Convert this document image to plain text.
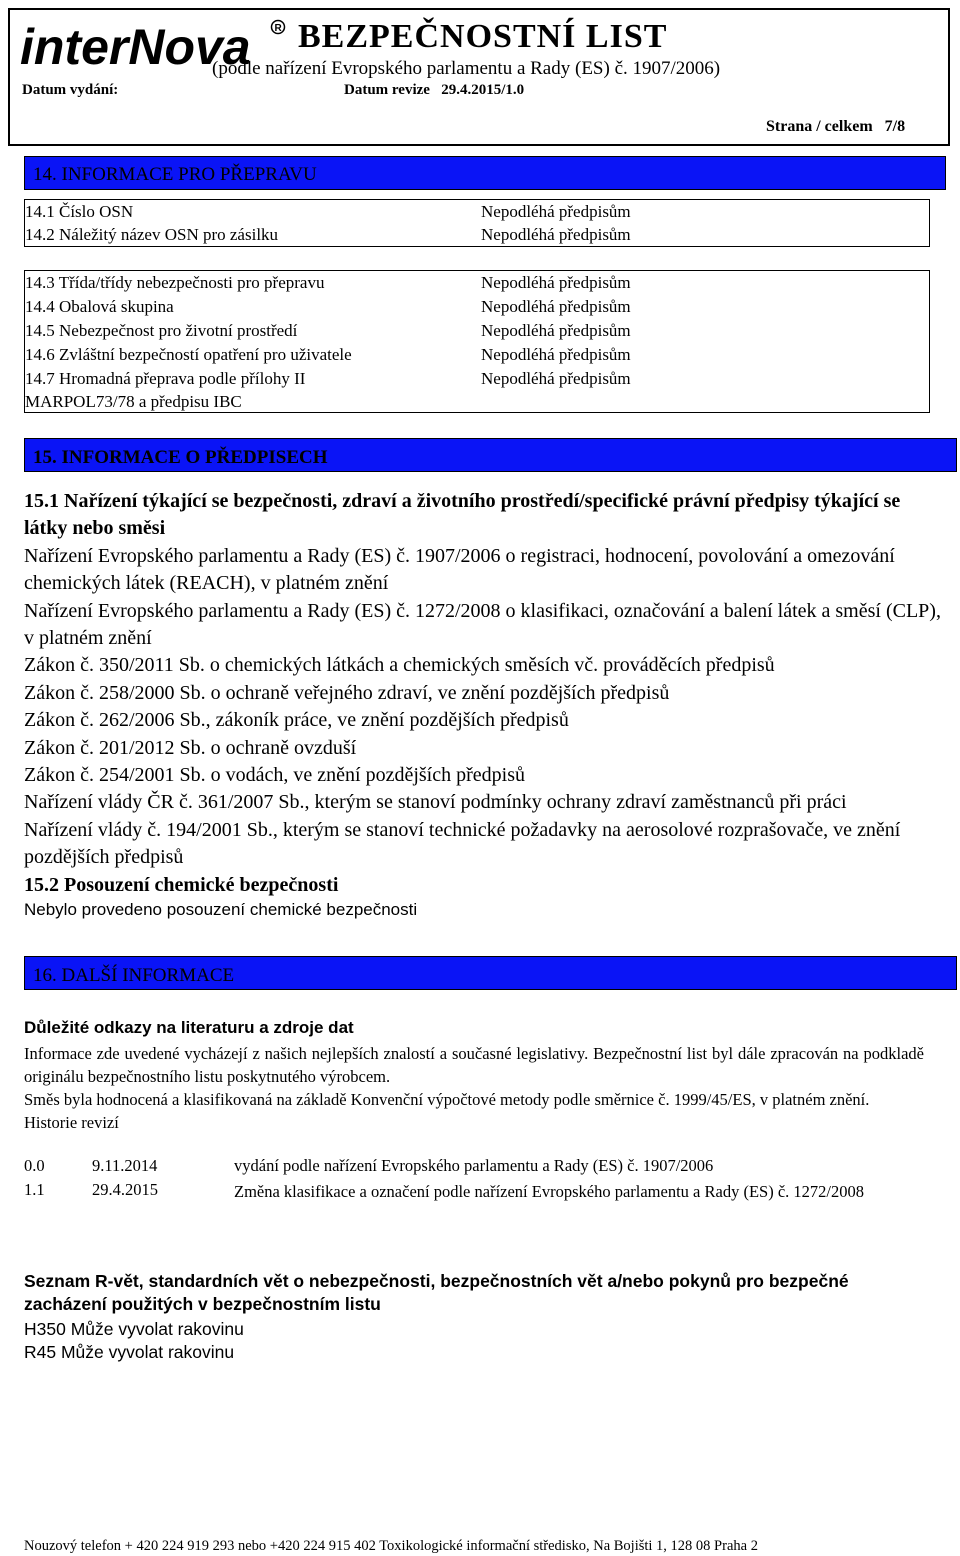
interNova R BEZPEČNOSTNÍ LIST
(podle nařízení Evropského parlamentu a Rady (ES) č. 1907/2006)
Datum vydání:	Datum revize 29.4.2015/1.0
Strana / celkem 7/8
14. INFORMACE PRO PŘEPRAVU
14.1 Číslo OSN	Nepodléhá předpisům
14.2 Náležitý název OSN pro zásilku	Nepodléhá předpisům
14.3 Třída/třídy nebezpečnosti pro přepravu	Nepodléhá předpisům
14.4 Obalová skupina	Nepodléhá předpisům
14.5 Nebezpečnost pro životní prostředí	Nepodléhá předpisům
14.6 Zvláštní bezpečností opatření pro uživatele	Nepodléhá předpisům
14.7 Hromadná přeprava podle přílohy II	Nepodléhá předpisům
MARPOL73/78 a předpisu IBC
15. INFORMACE O PŘEDPISECH

15.1 Nařízení týkající se bezpečnosti, zdraví a životního prostředí/specifické právní předpisy týkající se látky nebo směsi

Nařízení Evropského parlamentu a Rady (ES) č. 1907/2006 o registraci, hodnocení, povolování a omezování chemických látek (REACH), v platném znění

Nařízení Evropského parlamentu a Rady (ES) č. 1272/2008 o klasifikaci, označování a balení látek a směsí (CLP), v platném znění

Zákon č. 350/2011 Sb. o chemických látkách a chemických směsích vč. prováděcích předpisů

Zákon č. 258/2000 Sb. o ochraně veřejného zdraví, ve znění pozdějších předpisů

Zákon č. 262/2006 Sb., zákoník práce, ve znění pozdějších předpisů

Zákon č. 201/2012 Sb. o ochraně ovzduší

Zákon č. 254/2001 Sb. o vodách, ve znění pozdějších předpisů

Nařízení vlády ČR č. 361/2007 Sb., kterým se stanoví podmínky ochrany zdraví zaměstnanců při práci

Nařízení vlády č. 194/2001 Sb., kterým se stanoví technické požadavky na aerosolové rozprašovače, ve znění pozdějších předpisů

15.2 Posouzení chemické bezpečnosti

Nebylo provedeno posouzení chemické bezpečnosti

16. DALŠÍ INFORMACE
Důležité odkazy na literaturu a zdroje dat
Informace zde uvedené vycházejí z našich nejlepších znalostí a současné legislativy. Bezpečnostní list byl dále zpracován na podkladě originálu bezpečnostního listu poskytnutého výrobcem.
Směs byla hodnocená a klasifikovaná na základě Konvenční výpočtové metody podle směrnice č. 1999/45/ES, v platném znění.
Historie revizí
0.0	9.11.2014	vydání podle nařízení Evropského parlamentu a Rady (ES) č. 1907/2006
1.1	29.4.2015	Změna klasifikace a označení podle nařízení Evropského parlamentu a Rady (ES) č. 1272/2008
Seznam R-vět, standardních vět o nebezpečnosti, bezpečnostních vět a/nebo pokynů pro bezpečné zacházení použitých v bezpečnostním listu
H350 Může vyvolat rakovinu
R45 Může vyvolat rakovinu
Nouzový telefon + 420 224 919 293 nebo +420 224 915 402 Toxikologické informační středisko, Na Bojišti 1, 128 08 Praha 2
